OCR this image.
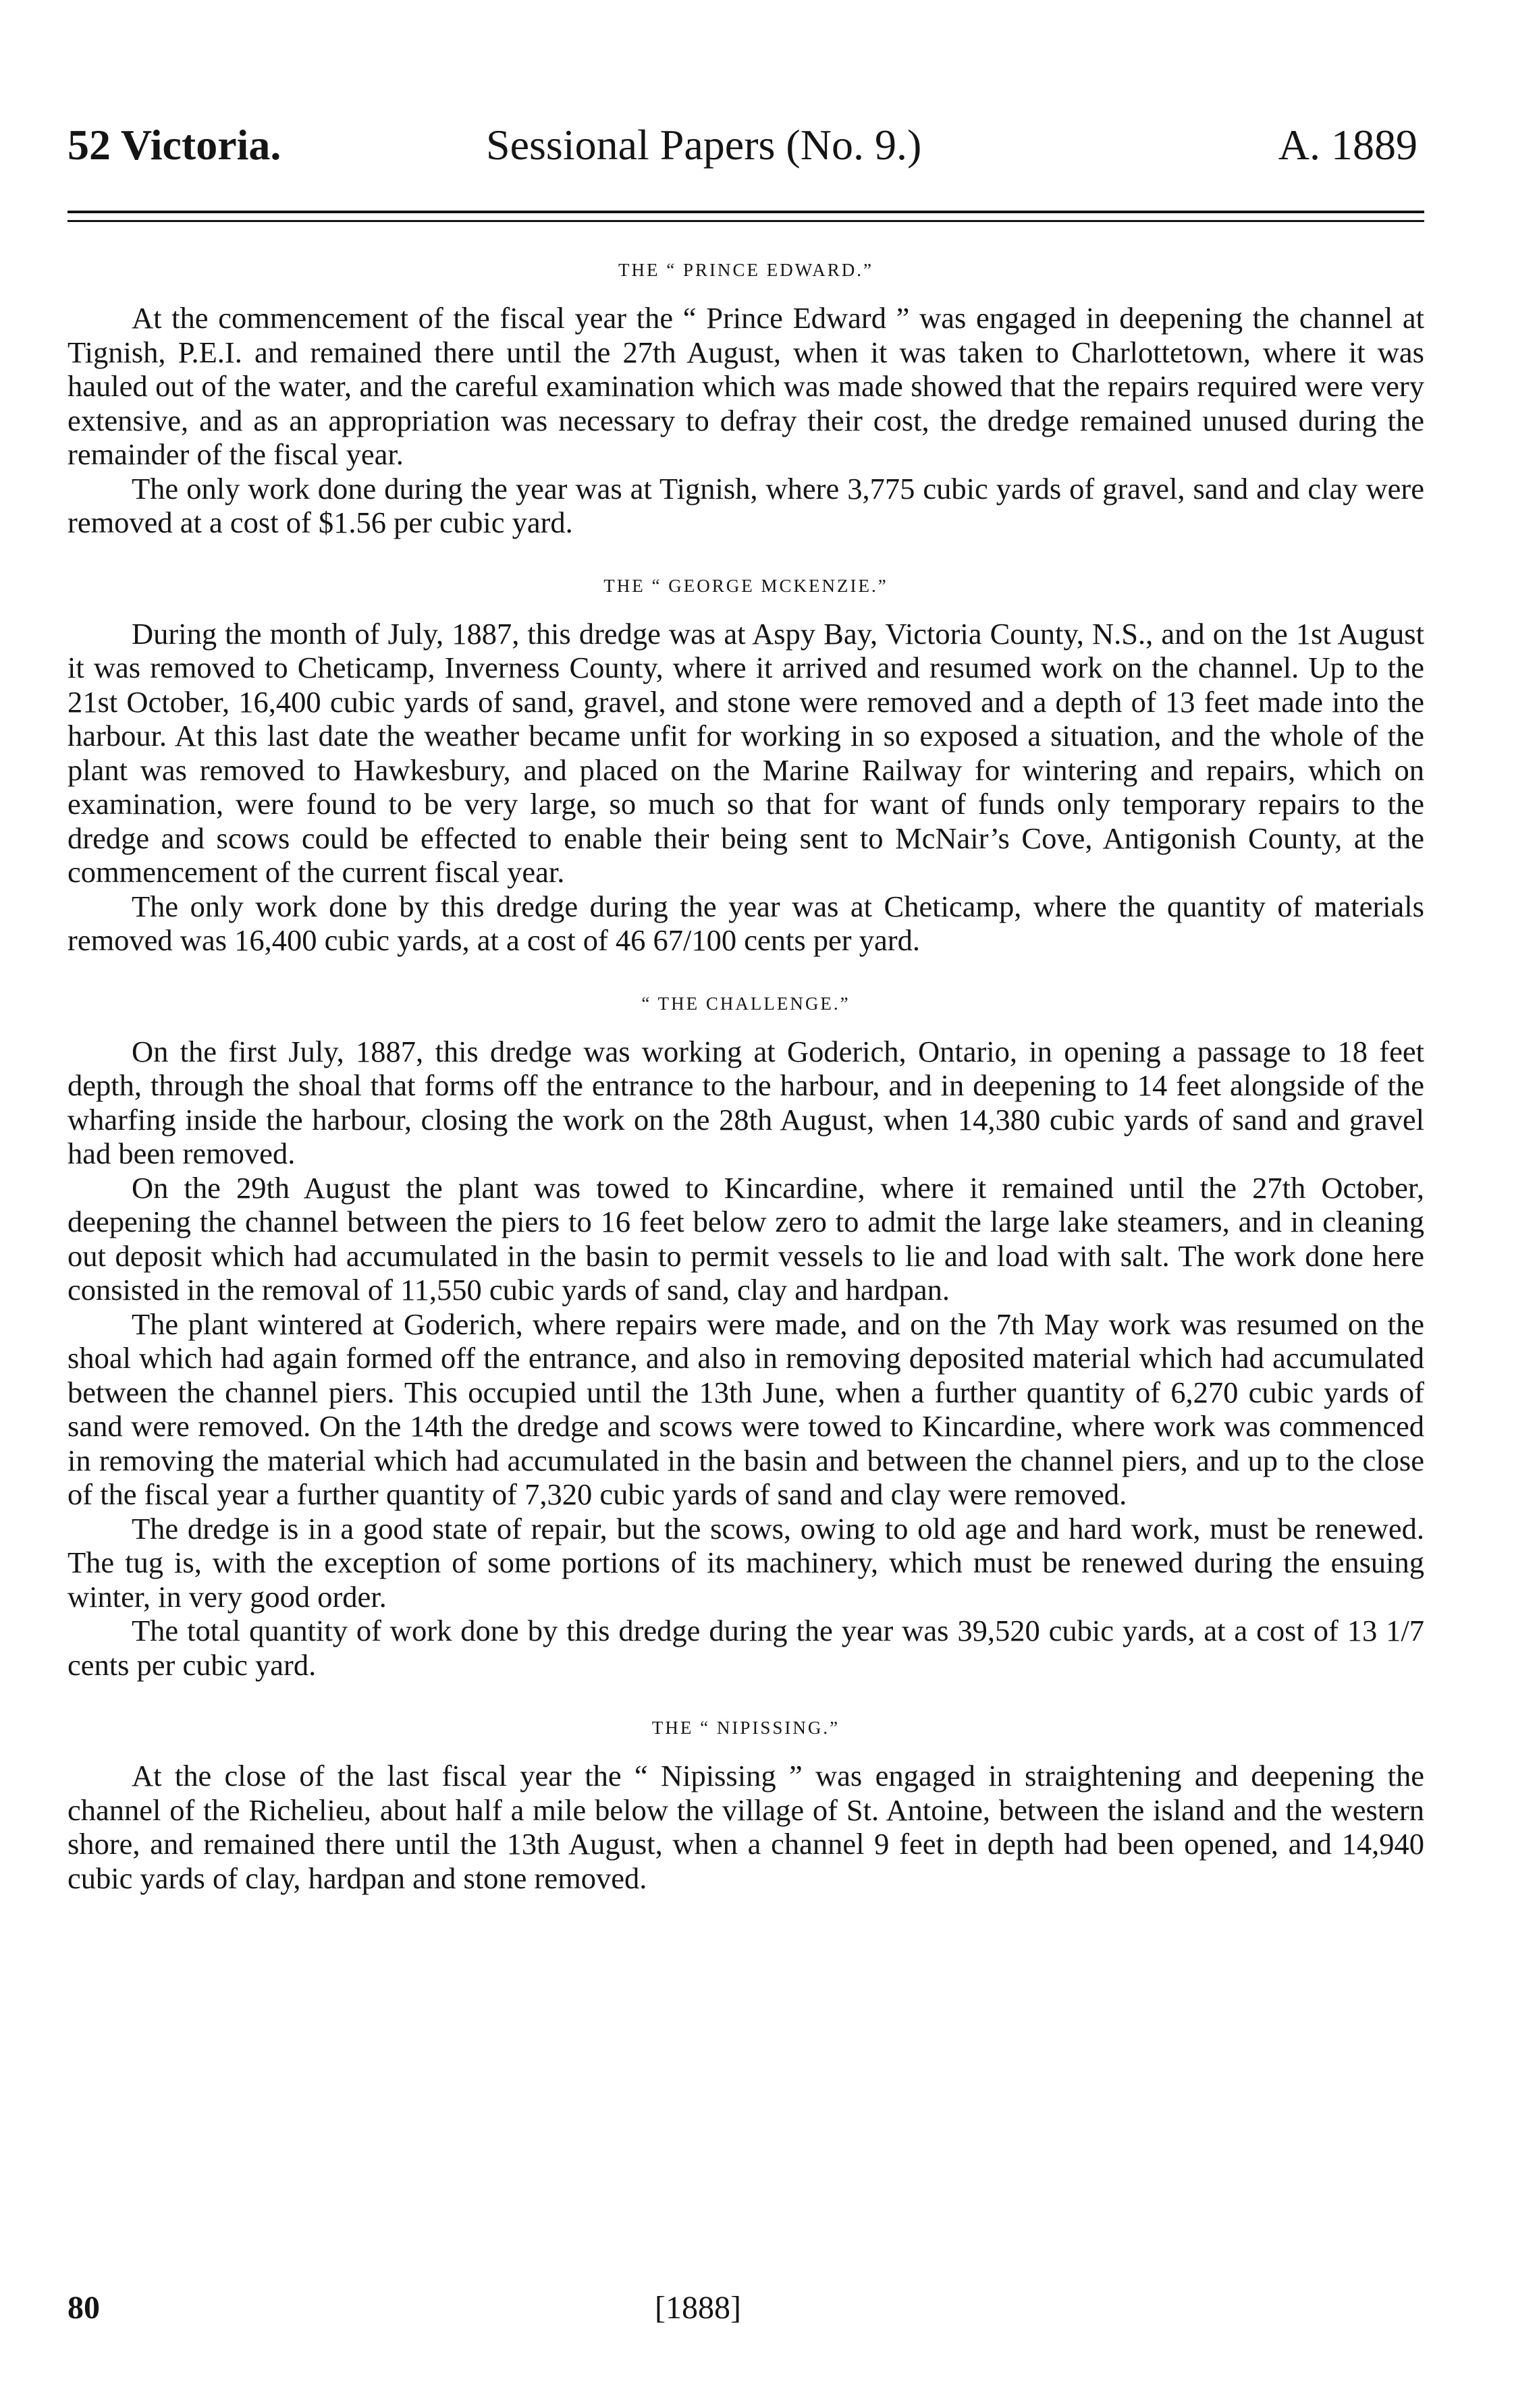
52 Victoria.	Sessional Papers (No. 9.)	A. 1889
THE “ PRINCE EDWARD.”

At the commencement of the fiscal year the “ Prince Edward ” was engaged in deepening the channel at Tignish, P.E.I. and remained there until the 27th August, when it was taken to Charlottetown, where it was hauled out of the water, and the careful examination which was made showed that the repairs required were very extensive, and as an appropriation was necessary to defray their cost, the dredge remained unused during the remainder of the fiscal year.

The only work done during the year was at Tignish, where 3,775 cubic yards of gravel, sand and clay were removed at a cost of $1.56 per cubic yard.

THE “ GEORGE MCKENZIE.”

During the month of July, 1887, this dredge was at Aspy Bay, Victoria County, N.S., and on the 1st August it was removed to Cheticamp, Inverness County, where it arrived and resumed work on the channel. Up to the 21st October, 16,400 cubic yards of sand, gravel, and stone were removed and a depth of 13 feet made into the harbour. At this last date the weather became unfit for working in so exposed a situation, and the whole of the plant was removed to Hawkesbury, and placed on the Marine Railway for wintering and repairs, which on examination, were found to be very large, so much so that for want of funds only temporary repairs to the dredge and scows could be effected to enable their being sent to McNair’s Cove, Antigonish County, at the commencement of the current fiscal year.

The only work done by this dredge during the year was at Cheticamp, where the quantity of materials removed was 16,400 cubic yards, at a cost of 46 67/100 cents per yard.

“ THE CHALLENGE.”

On the first July, 1887, this dredge was working at Goderich, Ontario, in opening a passage to 18 feet depth, through the shoal that forms off the entrance to the harbour, and in deepening to 14 feet alongside of the wharfing inside the harbour, closing the work on the 28th August, when 14,380 cubic yards of sand and gravel had been removed.

On the 29th August the plant was towed to Kincardine, where it remained until the 27th October, deepening the channel between the piers to 16 feet below zero to admit the large lake steamers, and in cleaning out deposit which had accumulated in the basin to permit vessels to lie and load with salt. The work done here consisted in the removal of 11,550 cubic yards of sand, clay and hardpan.

The plant wintered at Goderich, where repairs were made, and on the 7th May work was resumed on the shoal which had again formed off the entrance, and also in removing deposited material which had accumulated between the channel piers. This occupied until the 13th June, when a further quantity of 6,270 cubic yards of sand were removed. On the 14th the dredge and scows were towed to Kincardine, where work was commenced in removing the material which had accumulated in the basin and between the channel piers, and up to the close of the fiscal year a further quantity of 7,320 cubic yards of sand and clay were removed.

The dredge is in a good state of repair, but the scows, owing to old age and hard work, must be renewed. The tug is, with the exception of some portions of its machinery, which must be renewed during the ensuing winter, in very good order.

The total quantity of work done by this dredge during the year was 39,520 cubic yards, at a cost of 13 1/7 cents per cubic yard.

THE “ NIPISSING.”

At the close of the last fiscal year the “ Nipissing ” was engaged in straightening and deepening the channel of the Richelieu, about half a mile below the village of St. Antoine, between the island and the western shore, and remained there until the 13th August, when a channel 9 feet in depth had been opened, and 14,940 cubic yards of clay, hardpan and stone removed.

80	[1888]
